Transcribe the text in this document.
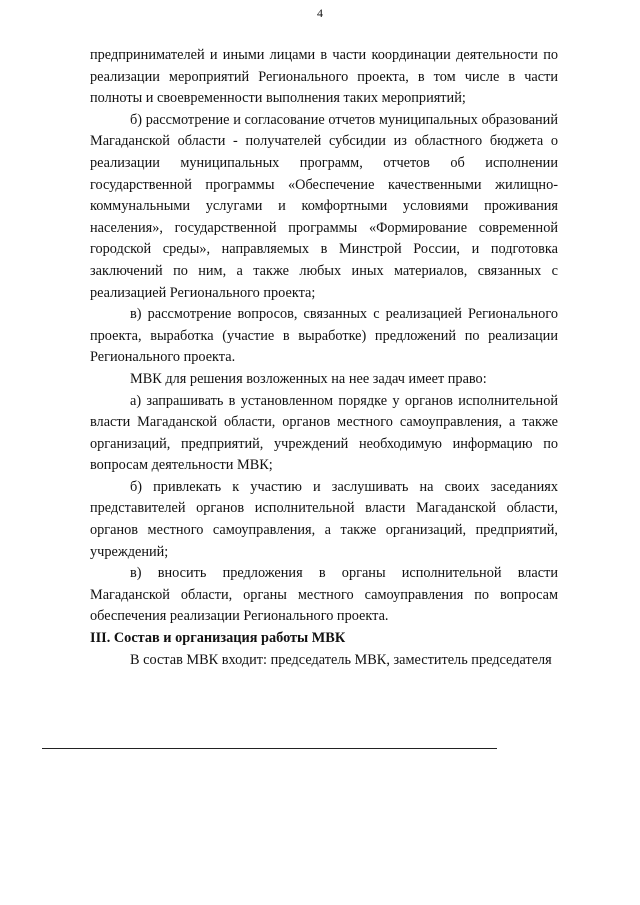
4

предпринимателей и иными лицами в части координации деятельности по реализации мероприятий Регионального проекта, в том числе в части полноты и своевременности выполнения таких мероприятий;

б) рассмотрение и согласование отчетов муниципальных образований Магаданской области - получателей субсидии из областного бюджета о реализации муниципальных программ, отчетов об исполнении государственной программы «Обеспечение качественными жилищно-коммунальными услугами и комфортными условиями проживания населения», государственной программы «Формирование современной городской среды», направляемых в Минстрой России, и подготовка заключений по ним, а также любых иных материалов, связанных с реализацией Регионального проекта;

в) рассмотрение вопросов, связанных с реализацией Регионального проекта, выработка (участие в выработке) предложений по реализации Регионального проекта.

МВК для решения возложенных на нее задач имеет право:

а) запрашивать в установленном порядке у органов исполнительной власти Магаданской области, органов местного самоуправления, а также организаций, предприятий, учреждений необходимую информацию по вопросам деятельности МВК;

б) привлекать к участию и заслушивать на своих заседаниях представителей органов исполнительной власти Магаданской области, органов местного самоуправления, а также организаций, предприятий, учреждений;

в) вносить предложения в органы исполнительной власти Магаданской области, органы местного самоуправления по вопросам обеспечения реализации Регионального проекта.

III. Состав и организация работы МВК

В состав МВК входит: председатель МВК, заместитель председателя
